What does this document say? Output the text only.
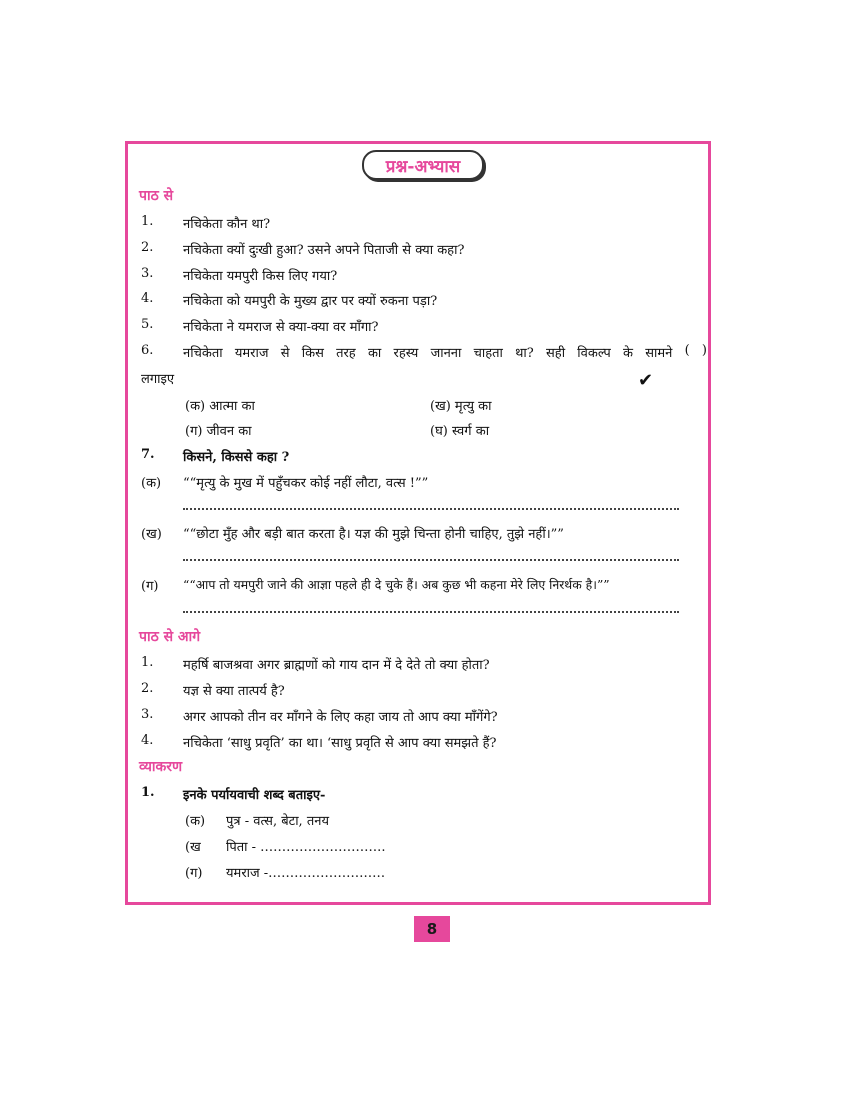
प्रश्न-अभ्यास
पाठ से
1. नचिकेता कौन था?
2. नचिकेता क्यों दुःखी हुआ? उसने अपने पिताजी से क्या कहा?
3. नचिकेता यमपुरी किस लिए गया?
4. नचिकेता को यमपुरी के मुख्य द्वार पर क्यों रुकना पड़ा?
5. नचिकेता ने यमराज से क्या-क्या वर माँगा?
6. नचिकेता यमराज से किस तरह का रहस्य जानना चाहता था? सही विकल्प के सामने ( )
लगाइए	✔
(क) आत्मा का	(ख) मृत्यु का
(ग) जीवन का	(घ) स्वर्ग का
7. किसने, किससे कहा ?
(क) ““मृत्यु के मुख में पहुँचकर कोई नहीं लौटा, वत्स !””
(ख) ““छोटा मुँह और बड़ी बात करता है। यज्ञ की मुझे चिन्ता होनी चाहिए, तुझे नहीं।””
(ग) ““आप तो यमपुरी जाने की आज्ञा पहले ही दे चुके हैं। अब कुछ भी कहना मेरे लिए निरर्थक है।””
पाठ से आगे
1. महर्षि बाजश्रवा अगर ब्राह्मणों को गाय दान में दे देते तो क्या होता?
2. यज्ञ से क्या तात्पर्य है?
3. अगर आपको तीन वर माँगने के लिए कहा जाय तो आप क्या माँगेंगे?
4. नचिकेता ‘साधु प्रवृति’ का था। ‘साधु प्रवृति से आप क्या समझते हैं?
व्याकरण
1. इनके पर्यायवाची शब्द बताइए-
(क) पुत्र - वत्स, बेटा, तनय
(ख पिता - ………………………..
(ग) यमराज -………………………
8
